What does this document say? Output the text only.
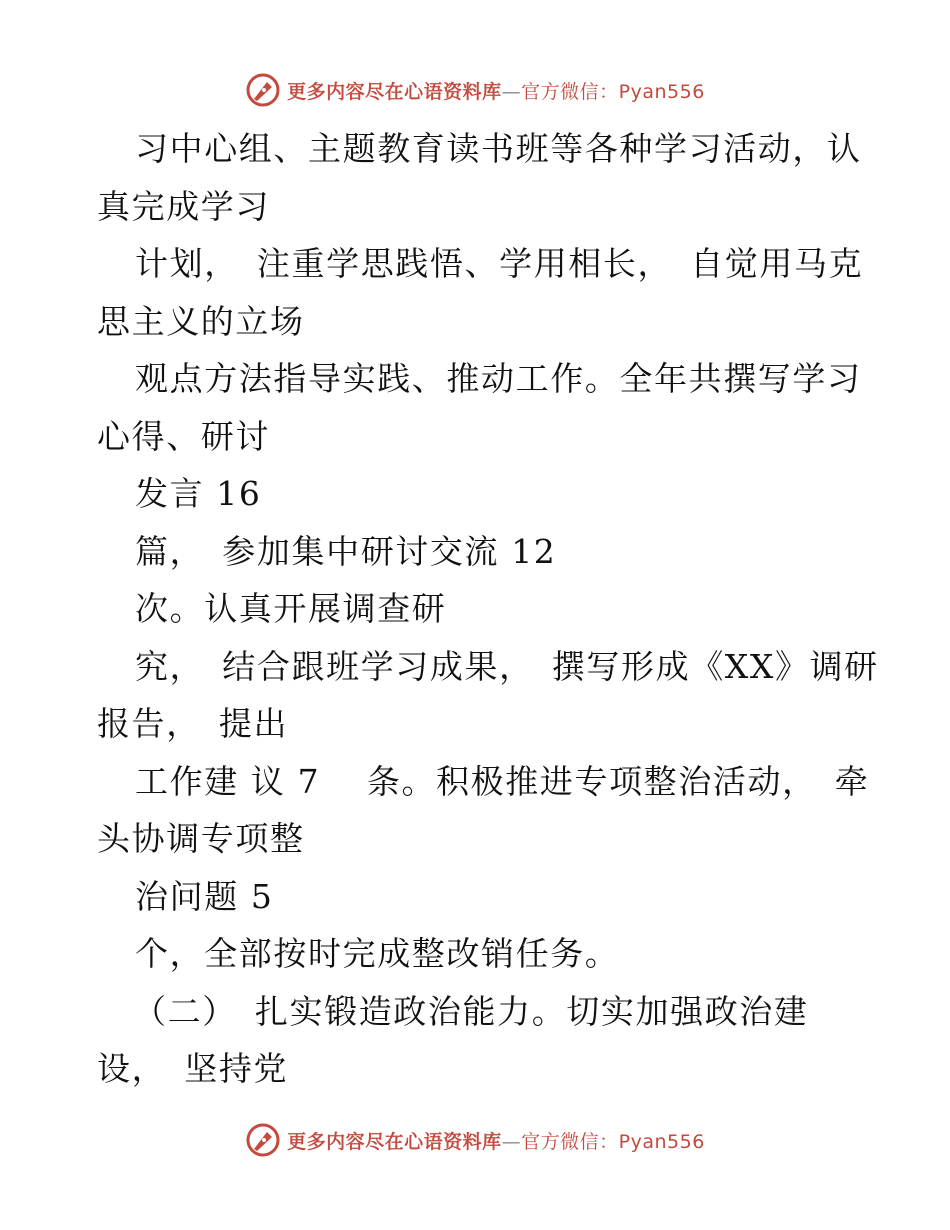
更多内容尽在心语资料库—官方微信：Pyan556
习中心组、主题教育读书班等各种学习活动，认
真完成学习
计划，　注重学思践悟、学用相长，　自觉用马克
思主义的立场
观点方法指导实践、推动工作。全年共撰写学习
心得、研讨
发言 16
篇，　参加集中研讨交流 12
次。认真开展调查研
究，　结合跟班学习成果，　撰写形成《XX》调研
报告，　提出
工作建 议 7　 条。积极推进专项整治活动，　牵
头协调专项整
治问题 5
个，全部按时完成整改销任务。
（二）　扎实锻造政治能力。切实加强政治建
设，　坚持党
更多内容尽在心语资料库—官方微信：Pyan556
